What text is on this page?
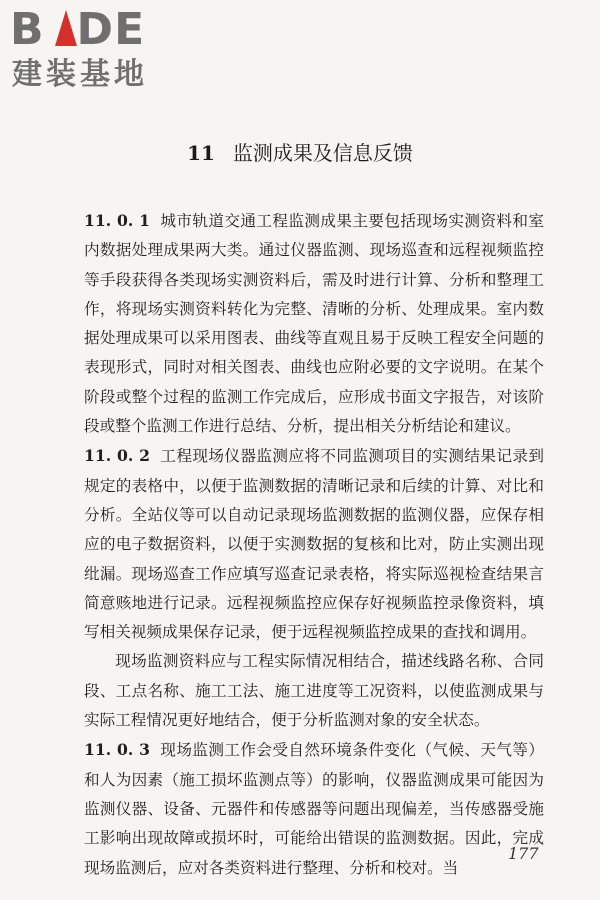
B DE
建装基地
11 监测成果及信息反馈

11. 0. 1 城市轨道交通工程监测成果主要包括现场实测资料和室内数据处理成果两大类。通过仪器监测、现场巡查和远程视频监控等手段获得各类现场实测资料后，需及时进行计算、分析和整理工作，将现场实测资料转化为完整、清晰的分析、处理成果。室内数据处理成果可以采用图表、曲线等直观且易于反映工程安全问题的表现形式，同时对相关图表、曲线也应附必要的文字说明。在某个阶段或整个过程的监测工作完成后，应形成书面文字报告，对该阶段或整个监测工作进行总结、分析，提出相关分析结论和建议。

11. 0. 2 工程现场仪器监测应将不同监测项目的实测结果记录到规定的表格中，以便于监测数据的清晰记录和后续的计算、对比和分析。全站仪等可以自动记录现场监测数据的监测仪器，应保存相应的电子数据资料，以便于实测数据的复核和比对，防止实测出现纰漏。现场巡查工作应填写巡查记录表格，将实际巡视检查结果言简意赅地进行记录。远程视频监控应保存好视频监控录像资料，填写相关视频成果保存记录，便于远程视频监控成果的查找和调用。

现场监测资料应与工程实际情况相结合，描述线路名称、合同段、工点名称、施工工法、施工进度等工况资料，以使监测成果与实际工程情况更好地结合，便于分析监测对象的安全状态。

11. 0. 3 现场监测工作会受自然环境条件变化（气候、天气等）和人为因素（施工损坏监测点等）的影响，仪器监测成果可能因为监测仪器、设备、元器件和传感器等问题出现偏差，当传感器受施工影响出现故障或损坏时，可能给出错误的监测数据。因此，完成现场监测后，应对各类资料进行整理、分析和校对。当

177
